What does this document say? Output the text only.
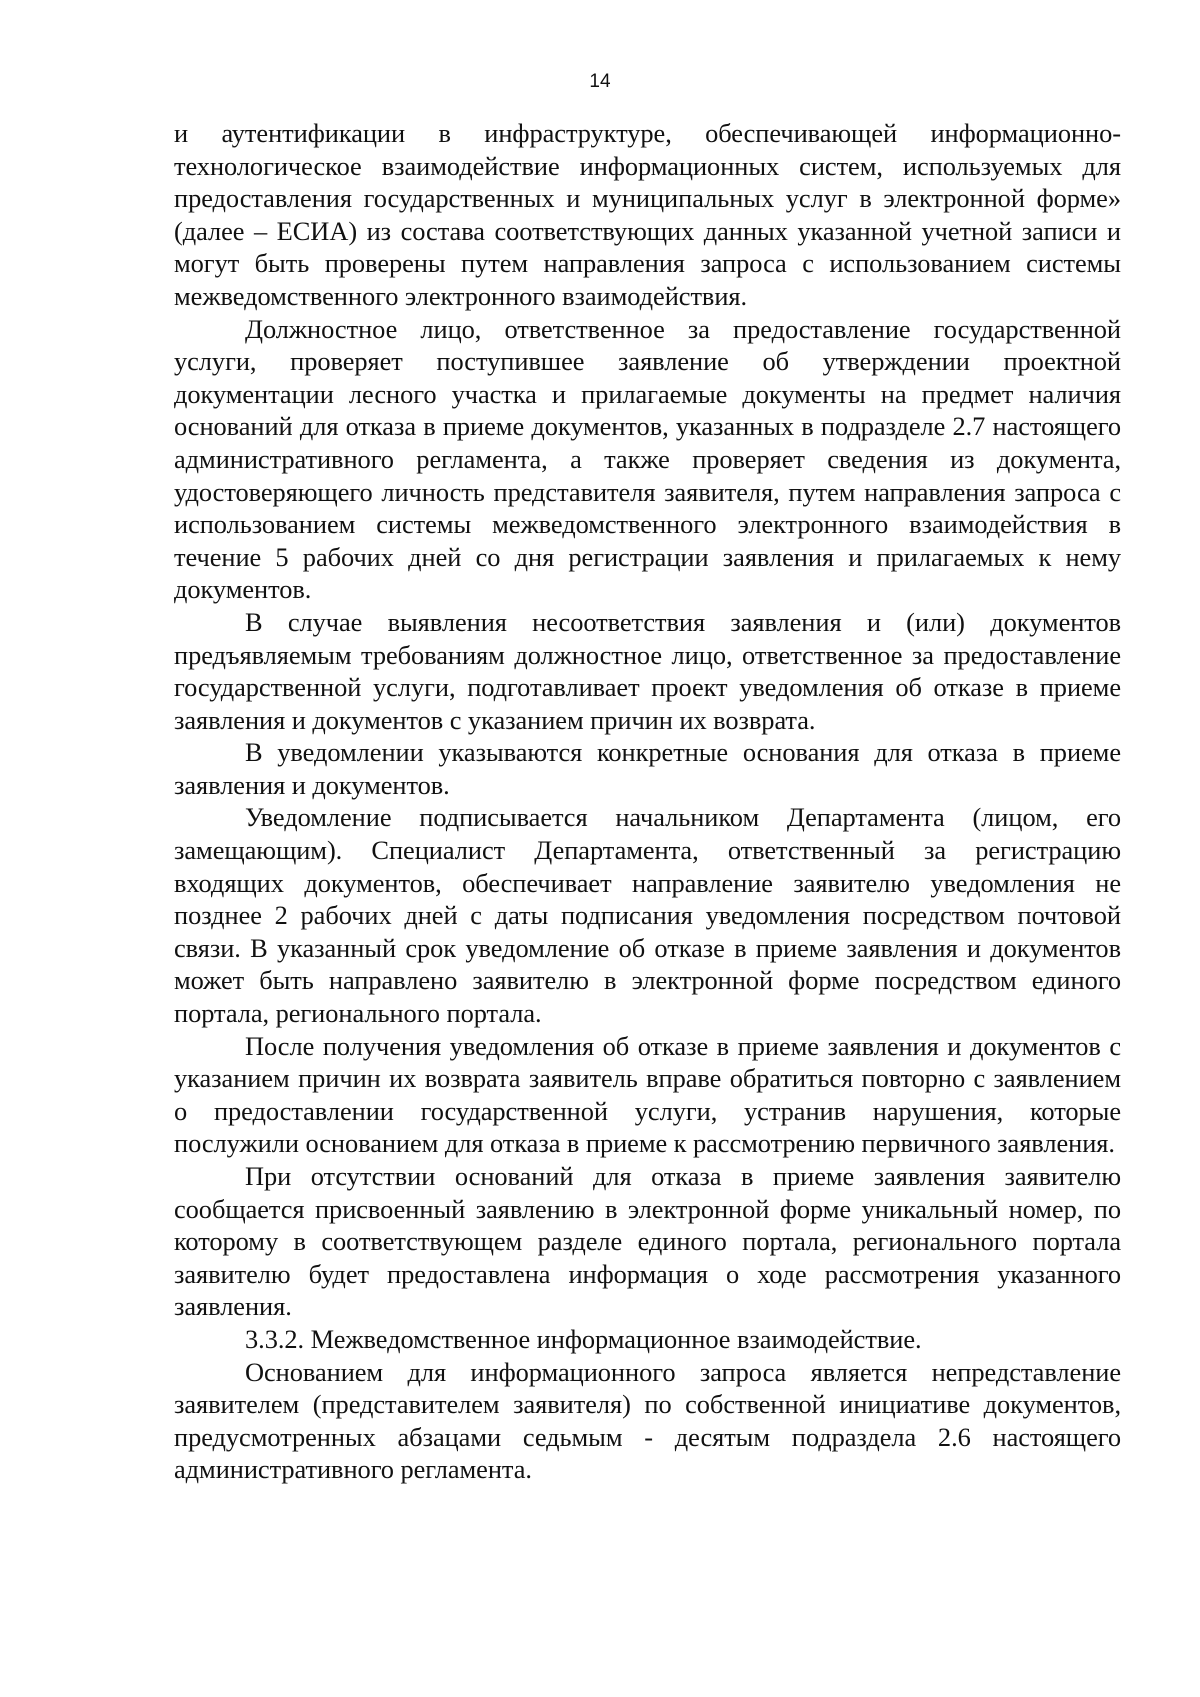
14

и аутентификации в инфраструктуре, обеспечивающей информационно-технологическое взаимодействие информационных систем, используемых для предоставления государственных и муниципальных услуг в электронной форме» (далее – ЕСИА) из состава соответствующих данных указанной учетной записи и могут быть проверены путем направления запроса с использованием системы межведомственного электронного взаимодействия.

Должностное лицо, ответственное за предоставление государственной услуги, проверяет поступившее заявление об утверждении проектной документации лесного участка и прилагаемые документы на предмет наличия оснований для отказа в приеме документов, указанных в подразделе 2.7 настоящего административного регламента, а также проверяет сведения из документа, удостоверяющего личность представителя заявителя, путем направления запроса с использованием системы межведомственного электронного взаимодействия в течение 5 рабочих дней со дня регистрации заявления и прилагаемых к нему документов.

В случае выявления несоответствия заявления и (или) документов предъявляемым требованиям должностное лицо, ответственное за предоставление государственной услуги, подготавливает проект уведомления об отказе в приеме заявления и документов с указанием причин их возврата.

В уведомлении указываются конкретные основания для отказа в приеме заявления и документов.

Уведомление подписывается начальником Департамента (лицом, его замещающим). Специалист Департамента, ответственный за регистрацию входящих документов, обеспечивает направление заявителю уведомления не позднее 2 рабочих дней с даты подписания уведомления посредством почтовой связи. В указанный срок уведомление об отказе в приеме заявления и документов может быть направлено заявителю в электронной форме посредством единого портала, регионального портала.

После получения уведомления об отказе в приеме заявления и документов с указанием причин их возврата заявитель вправе обратиться повторно с заявлением о предоставлении государственной услуги, устранив нарушения, которые послужили основанием для отказа в приеме к рассмотрению первичного заявления.

При отсутствии оснований для отказа в приеме заявления заявителю сообщается присвоенный заявлению в электронной форме уникальный номер, по которому в соответствующем разделе единого портала, регионального портала заявителю будет предоставлена информация о ходе рассмотрения указанного заявления.

3.3.2. Межведомственное информационное взаимодействие.

Основанием для информационного запроса является непредставление заявителем (представителем заявителя) по собственной инициативе документов, предусмотренных абзацами седьмым - десятым подраздела 2.6 настоящего административного регламента.
